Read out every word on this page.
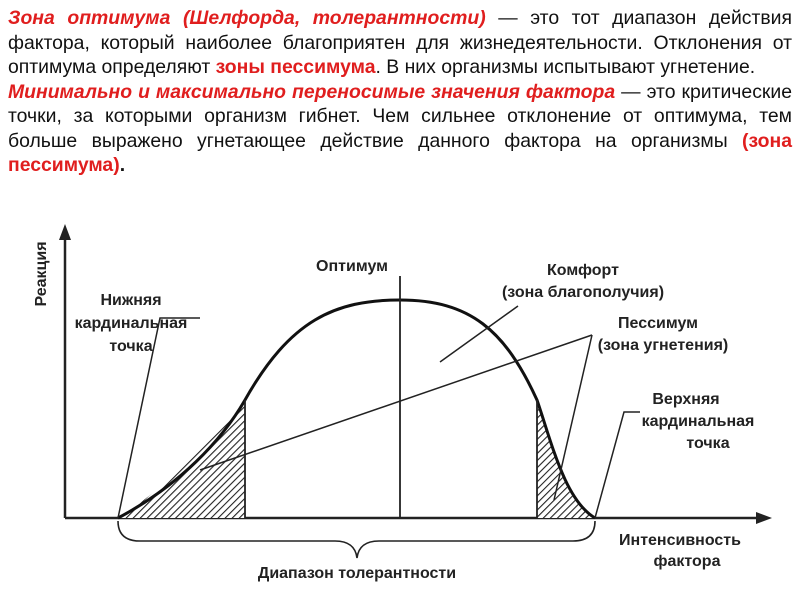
Зона оптимума (Шелфорда, толерантности) — это тот диапазон действия фактора, который наиболее благоприятен для жизнедеятельности. Отклонения от оптимума определяют зоны пессимума. В них организмы испытывают угнетение.

Минимально и максимально переносимые значения фактора — это критические точки, за которыми организм гибнет. Чем сильнее отклонение от оптимума, тем больше выражено угнетающее действие данного фактора на организмы (зона пессимума).

Реакция	Оптимум	Комфорт
(зона благополучия)
Пессимум
(зона угнетения)
Нижняя
кардинальная
точка
Верхняя
кардинальная
точка
Интенсивность
фактора
Диапазон толерантности
